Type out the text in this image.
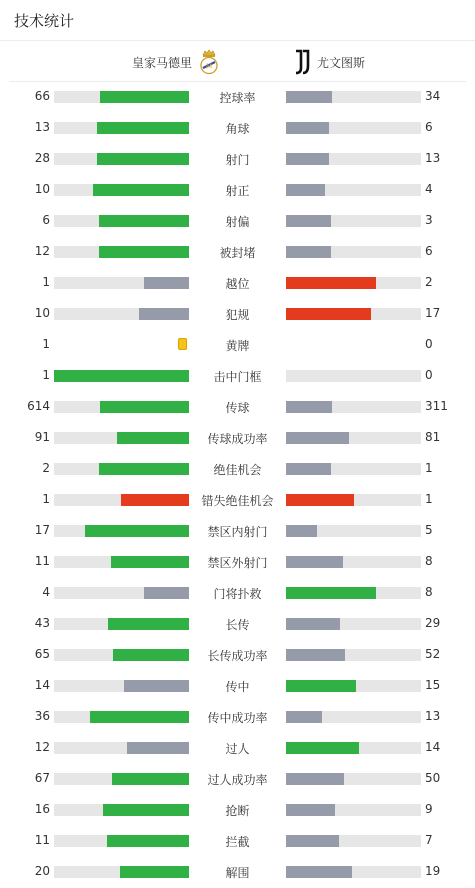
技术统计
皇家马德里 M	尤文图斯
66	控球率	34
13	角球	6
28	射门	13
10	射正	4
6	射偏	3
12	被封堵	6
1	越位	2
10	犯规	17
1	黄牌	0
1	击中门框	0
614	传球	311
91	传球成功率	81
2	绝佳机会	1
1	错失绝佳机会	1
17	禁区内射门	5
11	禁区外射门	8
4	门将扑救	8
43	长传	29
65	长传成功率	52
14	传中	15
36	传中成功率	13
12	过人	14
67	过人成功率	50
16	抢断	9
11	拦截	7
20	解围	19
